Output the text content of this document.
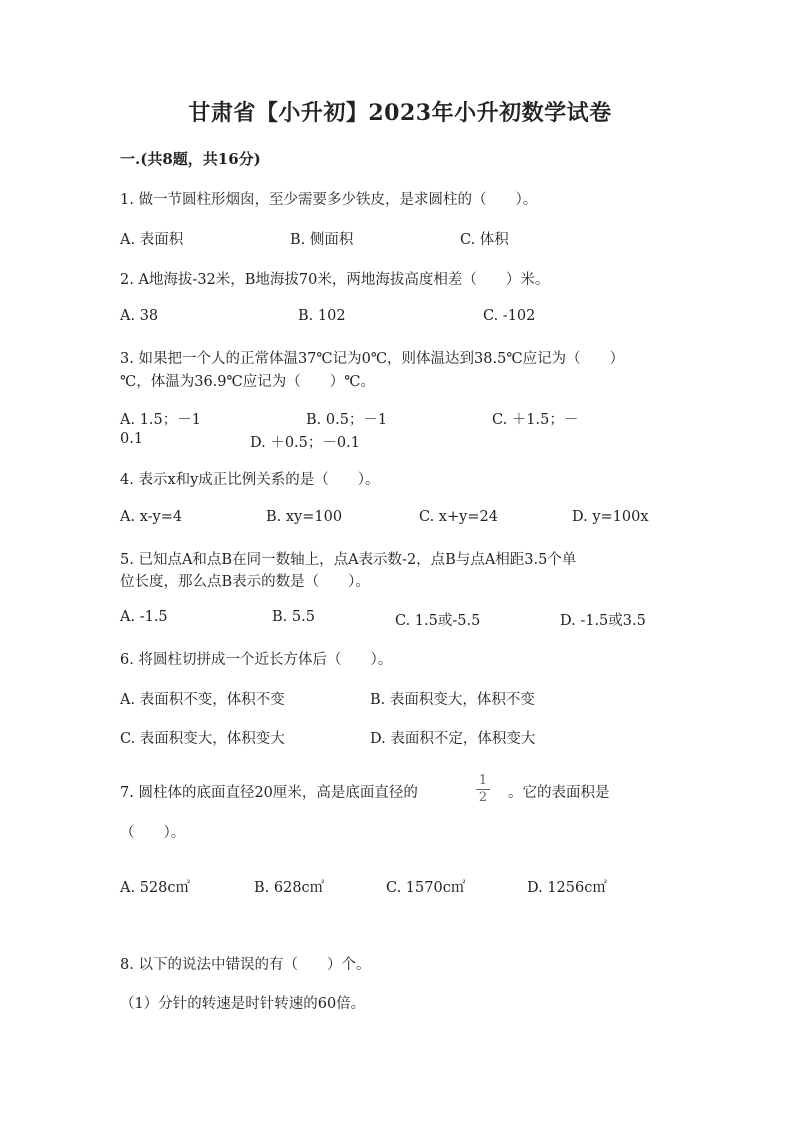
甘肃省【小升初】2023年小升初数学试卷
一.(共8题，共16分)
1. 做一节圆柱形烟囱，至少需要多少铁皮，是求圆柱的（　　）。
A. 表面积	B. 侧面积	C. 体积
2. A地海拔-32米，B地海拔70米，两地海拔高度相差（　　）米。
A. 38	B. 102	C. -102
3. 如果把一个人的正常体温37℃记为0℃，则体温达到38.5℃应记为（　　）
℃，体温为36.9℃应记为（　　）℃。
A. 1.5；－1	B. 0.5；－1	C. ＋1.5；－
0.1	D. ＋0.5；－0.1
4. 表示x和y成正比例关系的是（　　）。
A. x-y=4	B. xy=100	C. x+y=24	D. y=100x
5. 已知点A和点B在同一数轴上，点A表示数-2，点B与点A相距3.5个单
位长度，那么点B表示的数是（　　）。
A. -1.5	B. 5.5	C. 1.5或-5.5	D. -1.5或3.5
6. 将圆柱切拼成一个近长方体后（　　）。
A. 表面积不变，体积不变	B. 表面积变大，体积不变
C. 表面积变大，体积变大	D. 表面积不定，体积变大
7. 圆柱体的底面直径20厘米，高是底面直径的
1
2 。它的表面积是
（　　）。
A. 528c㎡	B. 628c㎡	C. 1570c㎡	D. 1256c㎡
8. 以下的说法中错误的有（　　）个。
（1）分针的转速是时针转速的60倍。
